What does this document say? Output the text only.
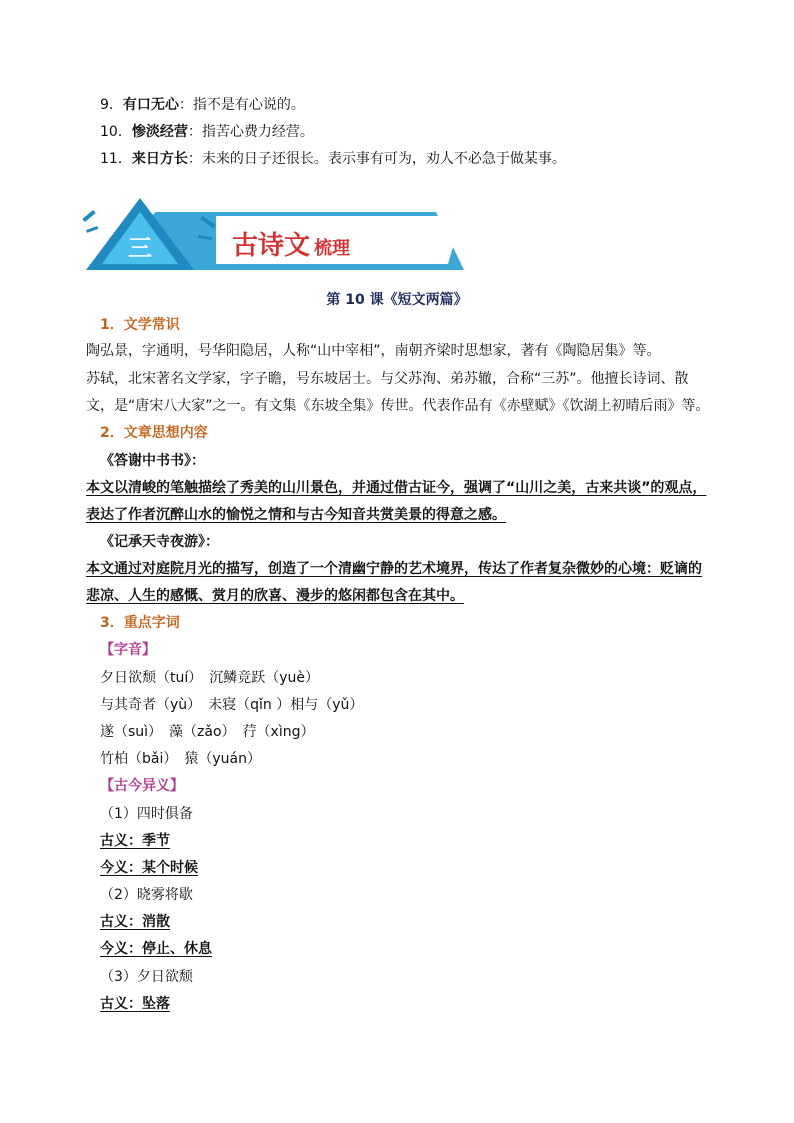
9．有口无心：指不是有心说的。
10．惨淡经营：指苦心费力经营。
11．来日方长：未来的日子还很长。表示事有可为，劝人不必急于做某事。
三	古诗文 梳理
第 10 课《短文两篇》
1．文学常识
陶弘景，字通明，号华阳隐居，人称“山中宰相”，南朝齐梁时思想家，著有《陶隐居集》等。
苏轼，北宋著名文学家，字子瞻，号东坡居士。与父苏洵、弟苏辙，合称“三苏”。他擅长诗词、散
文，是“唐宋八大家”之一。有文集《东坡全集》传世。代表作品有《赤壁赋》《饮湖上初晴后雨》等。
2．文章思想内容
《答谢中书书》：
本文以清峻的笔触描绘了秀美的山川景色，并通过借古证今，强调了“山川之美，古来共谈”的观点，
表达了作者沉醉山水的愉悦之情和与古今知音共赏美景的得意之感。
《记承天寺夜游》：
本文通过对庭院月光的描写，创造了一个清幽宁静的艺术境界，传达了作者复杂微妙的心境：贬谪的
悲凉、人生的感慨、赏月的欣喜、漫步的悠闲都包含在其中。
3．重点字词
【字音】
夕日欲颓（tuí）　沉鳞竞跃（yuè）
与其奇者（yù）　未寝（qǐn ）相与（yǔ）
遂（suì）　藻（zǎo）　荇（xìng）
竹柏（bǎi）　猿（yuán）
【古今异义】
（1）四时俱备
古义：季节
今义：某个时候
（2）晓雾将歇
古义：消散
今义：停止、休息
（3）夕日欲颓
古义：坠落
